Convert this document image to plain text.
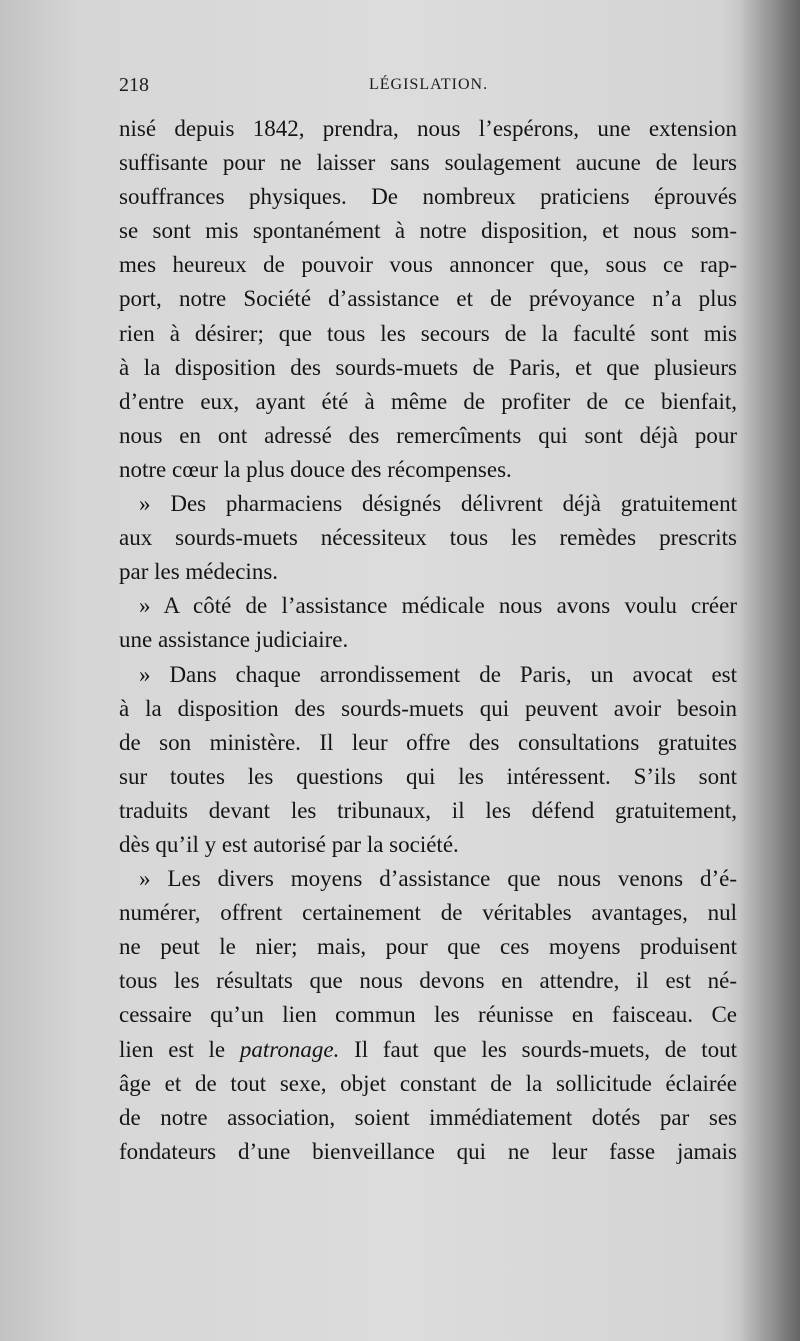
218	LÉGISLATION.
nisé depuis 1842, prendra, nous l’espérons, une extension
suffisante pour ne laisser sans soulagement aucune de leurs
souffrances physiques. De nombreux praticiens éprouvés
se sont mis spontanément à notre disposition, et nous som-
mes heureux de pouvoir vous annoncer que, sous ce rap-
port, notre Société d’assistance et de prévoyance n’a plus
rien à désirer; que tous les secours de la faculté sont mis
à la disposition des sourds-muets de Paris, et que plusieurs
d’entre eux, ayant été à même de profiter de ce bienfait,
nous en ont adressé des remercîments qui sont déjà pour
notre cœur la plus douce des récompenses.
» Des pharmaciens désignés délivrent déjà gratuitement
aux sourds-muets nécessiteux tous les remèdes prescrits
par les médecins.
» A côté de l’assistance médicale nous avons voulu créer
une assistance judiciaire.
» Dans chaque arrondissement de Paris, un avocat est
à la disposition des sourds-muets qui peuvent avoir besoin
de son ministère. Il leur offre des consultations gratuites
sur toutes les questions qui les intéressent. S’ils sont
traduits devant les tribunaux, il les défend gratuitement,
dès qu’il y est autorisé par la société.
» Les divers moyens d’assistance que nous venons d’é-
numérer, offrent certainement de véritables avantages, nul
ne peut le nier; mais, pour que ces moyens produisent
tous les résultats que nous devons en attendre, il est né-
cessaire qu’un lien commun les réunisse en faisceau. Ce
lien est le patronage. Il faut que les sourds-muets, de tout
âge et de tout sexe, objet constant de la sollicitude éclairée
de notre association, soient immédiatement dotés par ses
fondateurs d’une bienveillance qui ne leur fasse jamais
